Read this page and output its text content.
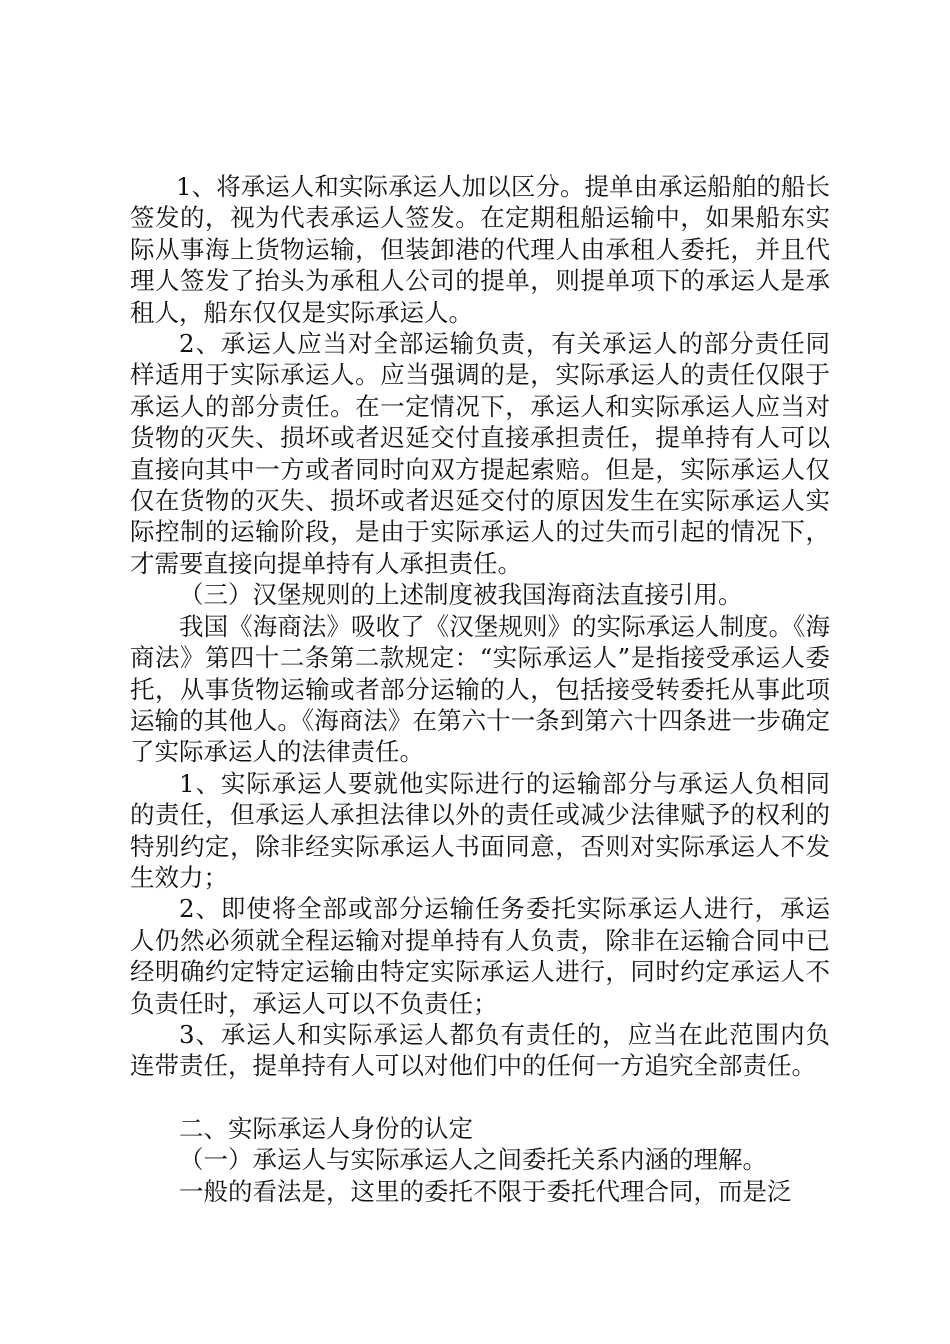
1、将承运人和实际承运人加以区分。提单由承运船舶的船长签发的，视为代表承运人签发。在定期租船运输中，如果船东实际从事海上货物运输，但装卸港的代理人由承租人委托，并且代理人签发了抬头为承租人公司的提单，则提单项下的承运人是承租人，船东仅仅是实际承运人。

2、承运人应当对全部运输负责，有关承运人的部分责任同样适用于实际承运人。应当强调的是，实际承运人的责任仅限于承运人的部分责任。在一定情况下，承运人和实际承运人应当对货物的灭失、损坏或者迟延交付直接承担责任，提单持有人可以直接向其中一方或者同时向双方提起索赔。但是，实际承运人仅仅在货物的灭失、损坏或者迟延交付的原因发生在实际承运人实际控制的运输阶段，是由于实际承运人的过失而引起的情况下，才需要直接向提单持有人承担责任。

（三）汉堡规则的上述制度被我国海商法直接引用。

我国《海商法》吸收了《汉堡规则》的实际承运人制度。《海商法》第四十二条第二款规定：“实际承运人”是指接受承运人委托，从事货物运输或者部分运输的人，包括接受转委托从事此项运输的其他人。《海商法》在第六十一条到第六十四条进一步确定了实际承运人的法律责任。

1、实际承运人要就他实际进行的运输部分与承运人负相同的责任，但承运人承担法律以外的责任或减少法律赋予的权利的特别约定，除非经实际承运人书面同意，否则对实际承运人不发生效力；

2、即使将全部或部分运输任务委托实际承运人进行，承运人仍然必须就全程运输对提单持有人负责，除非在运输合同中已经明确约定特定运输由特定实际承运人进行，同时约定承运人不负责任时，承运人可以不负责任；

3、承运人和实际承运人都负有责任的，应当在此范围内负连带责任，提单持有人可以对他们中的任何一方追究全部责任。

二、实际承运人身份的认定

（一）承运人与实际承运人之间委托关系内涵的理解。

一般的看法是，这里的委托不限于委托代理合同，而是泛
